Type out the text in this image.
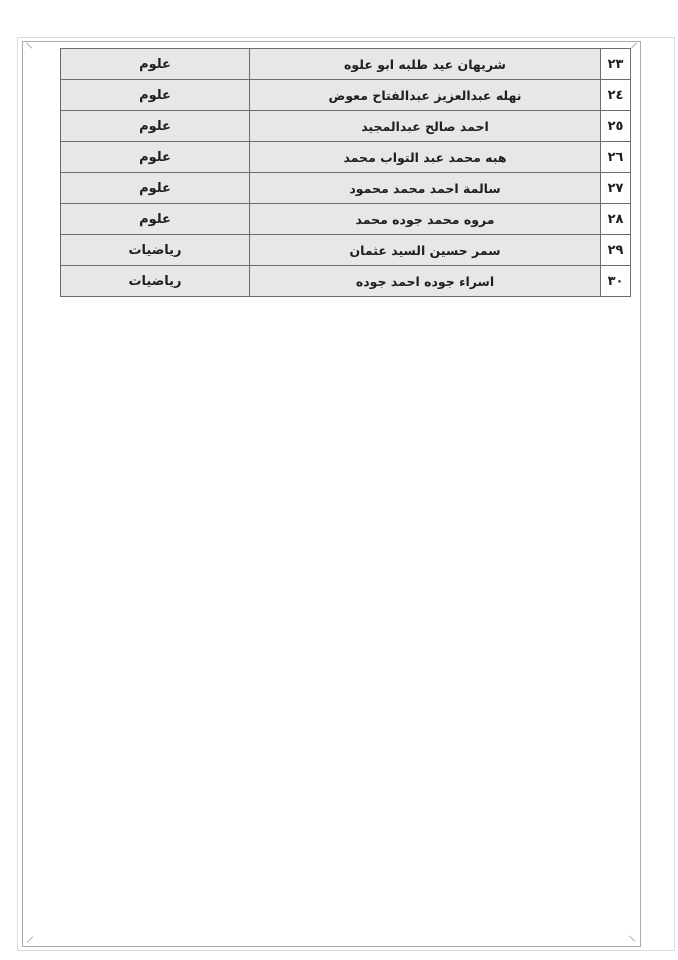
٢٣	شريهان عيد طلبه ابو علوه	علوم
٢٤	نهله عبدالعزيز عبدالفتاح معوض	علوم
٢٥	احمد صالح عبدالمجيد	علوم
٢٦	هبه محمد عبد التواب محمد	علوم
٢٧	سالمة احمد محمد محمود	علوم
٢٨	مروه محمد جوده محمد	علوم
٢٩	سمر حسين السيد عثمان	رياضيات
٣٠	اسراء جوده احمد جوده	رياضيات
